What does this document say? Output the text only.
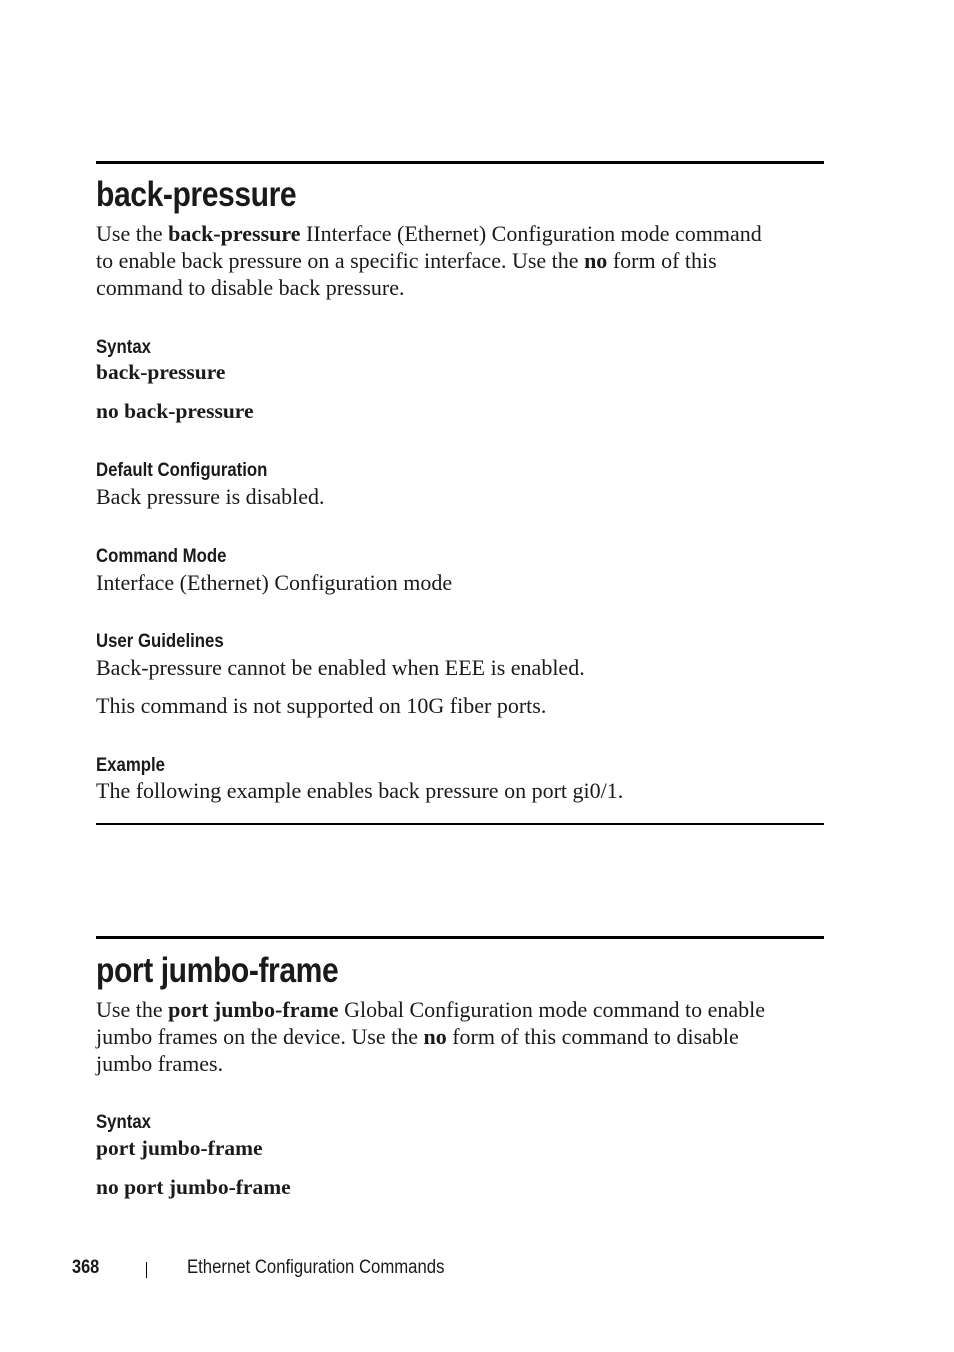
back-pressure
Use the back-pressure IInterface (Ethernet) Configuration mode command
to enable back pressure on a specific interface. Use the no form of this
command to disable back pressure.
Syntax
back-pressure
no back-pressure
Default Configuration
Back pressure is disabled.
Command Mode
Interface (Ethernet) Configuration mode
User Guidelines
Back-pressure cannot be enabled when EEE is enabled.
This command is not supported on 10G fiber ports.
Example
The following example enables back pressure on port gi0/1.
port jumbo-frame
Use the port jumbo-frame Global Configuration mode command to enable
jumbo frames on the device. Use the no form of this command to disable
jumbo frames.
Syntax
port jumbo-frame
no port jumbo-frame
368	Ethernet Configuration Commands
